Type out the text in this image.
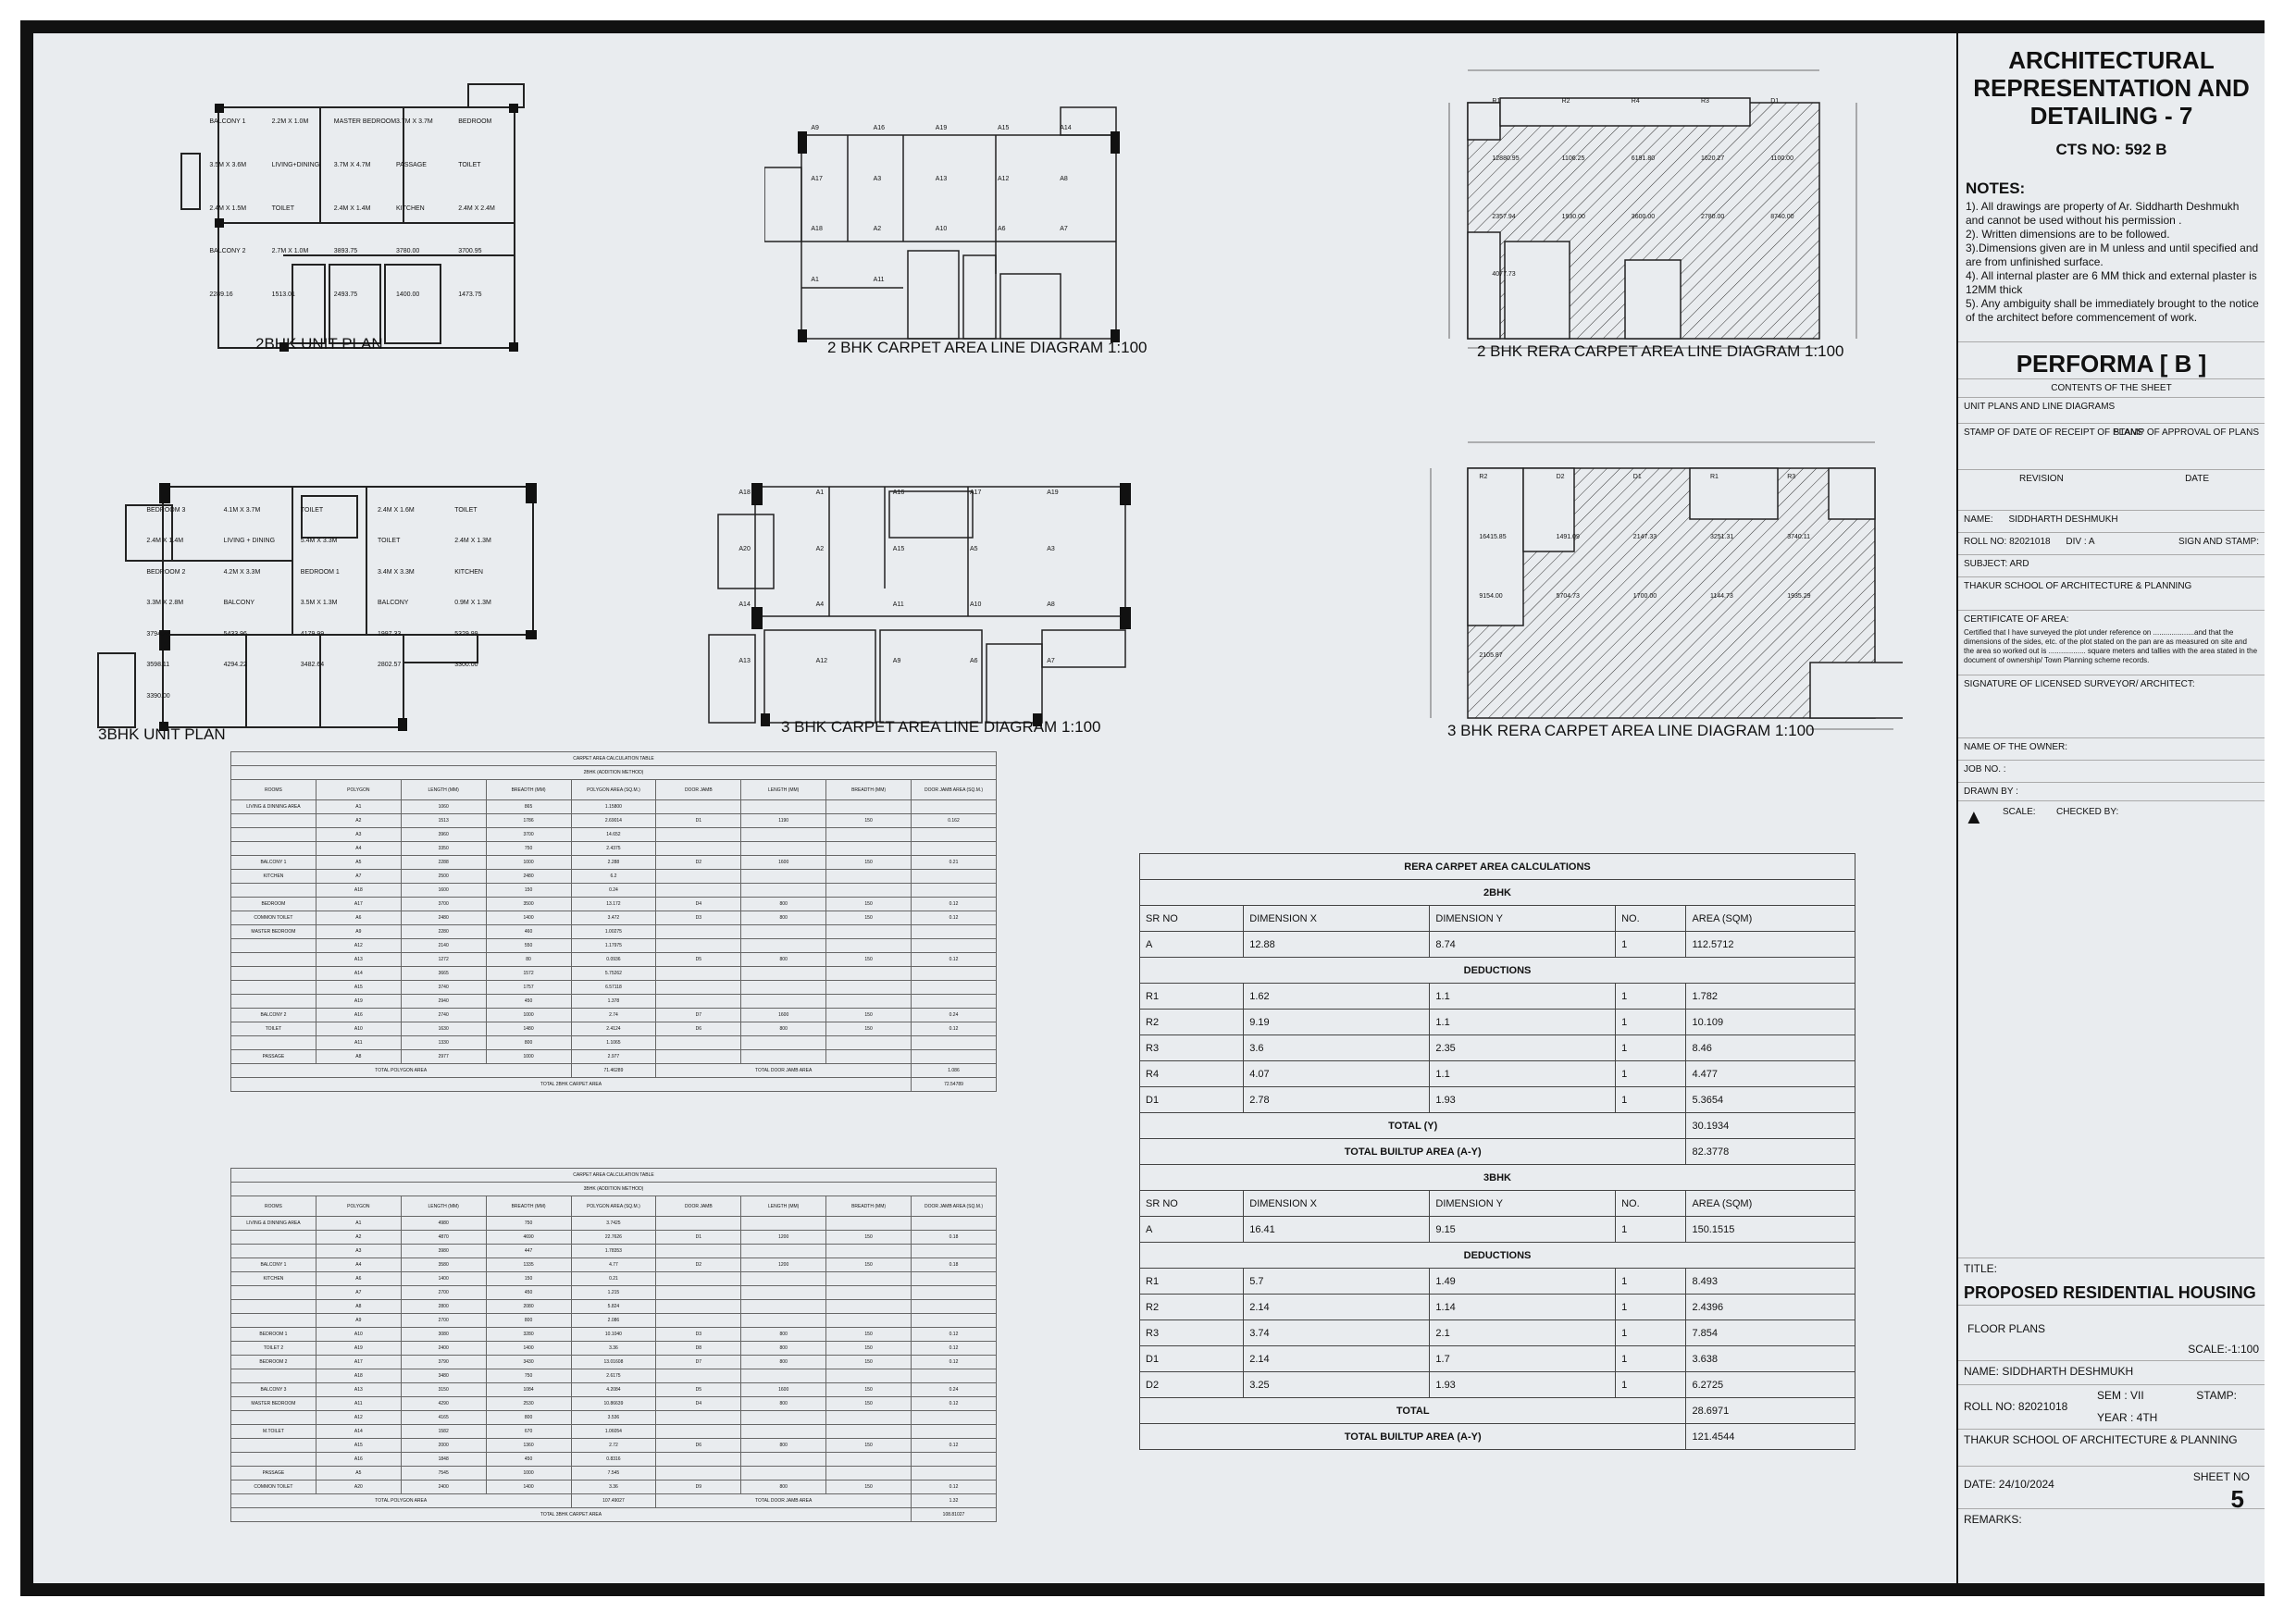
BALCONY 1	2.2M X 1.0M	MASTER BEDROOM 3.7M X 3.7M	BEDROOM
3.5M X 3.6M	LIVING+DINING 3.7M X 4.7M	PASSAGE	TOILET
2.4M X 1.5M	TOILET	2.4M X 1.4M	KITCHEN	2.4M X 2.4M
BALCONY 2	2.7M X 1.0M	3893.75	3780.00	3700.95
2289.16	1513.01	2493.75	1400.00	1473.75
2BHK UNIT PLAN
A9	A16	A19	A15	A14
A17	A3	A13	A12	A8
A18	A2	A10	A6	A7
A1	A11
2 BHK CARPET AREA LINE DIAGRAM 1:100
R1	R2	R4	R3	D1
12880.95	1106.25	6191.80	1620.27	1100.00
2357.94	1930.00	3600.00	2780.00	8740.00
4077.73
2 BHK RERA CARPET AREA LINE DIAGRAM 1:100
BEDROOM 3	4.1M X 3.7M	TOILET	2.4M X 1.6M	TOILET
2.4M X 1.4M	LIVING + DINING	5.4M X 3.3M	TOILET	2.4M X 1.3M
BEDROOM 2	4.2M X 3.3M	BEDROOM 1	3.4M X 3.3M	KITCHEN
3.3M X 2.8M	BALCONY	3.5M X 1.3M	BALCONY	0.9M X 1.3M
3794.24	5433.96	4179.99	1997.33	5329.99
3598.11	4294.22	3482.64	2802.57	3300.00
3390.00
3BHK UNIT PLAN
A18	A1	A16	A17	A19
A20	A2	A15	A5	A3
A14	A4	A11	A10	A8
A13	A12	A9	A6	A7
3 BHK CARPET AREA LINE DIAGRAM 1:100
R2	D2	D1	R1	R3
16415.85	1491.09	2147.33	3251.31	3740.11
9154.00	5704.73	1700.00	1144.73	1935.29
2105.87
3 BHK RERA CARPET AREA LINE DIAGRAM 1:100
CARPET AREA CALCULATION TABLE								
2BHK (ADDITION METHOD)								
ROOMS	POLYGON	LENGTH (MM)	BREADTH (MM)	POLYGON AREA (SQ.M.)	DOOR JAMB	LENGTH (MM)	BREADTH (MM)	DOOR JAMB AREA (SQ.M.)
LIVING & DINNING AREA	A1	1060	865	1.15800				
	A2	1513	1786	2.69014	D1	1190	150	0.162
	A3	3960	3700	14.652				
	A4	3350	750	2.4375				
BALCONY 1	A5	2288	1000	2.288	D2	1600	150	0.21
KITCHEN	A7	2500	2480	6.2				
	A18	1600	150	0.24				
BEDROOM	A17	3700	3500	13.172	D4	800	150	0.12
COMMON TOILET	A6	2480	1400	3.472	D3	800	150	0.12
MASTER BEDROOM	A9	2280	460	1.00275				
	A12	2140	550	1.17975				
	A13	1272	80	0.0936	D5	800	150	0.12
	A14	3665	1572	5.75262				
	A15	3740	1757	6.57118				
	A19	2940	450	1.378				
BALCONY 2	A16	2740	1000	2.74	D7	1600	150	0.24
TOILET	A10	1630	1480	2.4124	D6	800	150	0.12
	A11	1330	800	1.1065				
PASSAGE	A8	2977	1000	2.977				
TOTAL POLYGON AREA				71.46289	TOTAL DOOR JAMB AREA			1.086
TOTAL 2BHK CARPET AREA								72.54789
CARPET AREA CALCULATION TABLE								
3BHK (ADDITION METHOD)								
ROOMS	POLYGON	LENGTH (MM)	BREADTH (MM)	POLYGON AREA (SQ.M.)	DOOR JAMB	LENGTH (MM)	BREADTH (MM)	DOOR JAMB AREA (SQ.M.)
LIVING & DINNING AREA	A1	4980	750	3.7425				
	A2	4870	4690	22.7626	D1	1200	150	0.18
	A3	3980	447	1.78353				
BALCONY 1	A4	3580	1335	4.77	D2	1200	150	0.18
KITCHEN	A6	1400	150	0.21				
	A7	2700	450	1.215				
	A8	2800	2080	5.824				
	A9	2700	800	2.086				
BEDROOM 1	A10	3080	3280	10.1040	D3	800	150	0.12
TOILET 2	A19	2400	1400	3.36	D8	800	150	0.12
BEDROOM 2	A17	3790	3430	13.01608	D7	800	150	0.12
	A18	3480	750	2.6175				
BALCONY 3	A13	3150	1084	4.2084	D5	1600	150	0.24
MASTER BEDROOM	A11	4290	2530	10.86639	D4	800	150	0.12
	A12	4165	800	3.536				
M.TOILET	A14	1582	670	1.06054				
	A15	2000	1360	2.72	D6	800	150	0.12
	A16	1848	450	0.8316				
PASSAGE	A5	7545	1000	7.545				
COMMON TOILET	A20	2400	1400	3.36	D9	800	150	0.12
TOTAL POLYGON AREA				107.49027	TOTAL DOOR JAMB AREA			1.32
TOTAL 3BHK CARPET AREA								108.81027
RERA CARPET AREA CALCULATIONS				
2BHK				
SR NO	DIMENSION X	DIMENSION Y	NO.	AREA (SQM)
A	12.88	8.74	1	112.5712
DEDUCTIONS				
R1	1.62	1.1	1	1.782
R2	9.19	1.1	1	10.109
R3	3.6	2.35	1	8.46
R4	4.07	1.1	1	4.477
D1	2.78	1.93	1	5.3654
TOTAL (Y)				30.1934
TOTAL BUILTUP AREA (A-Y)				82.3778
3BHK				
SR NO	DIMENSION X	DIMENSION Y	NO.	AREA (SQM)
A	16.41	9.15	1	150.1515
DEDUCTIONS				
R1	5.7	1.49	1	8.493
R2	2.14	1.14	1	2.4396
R3	3.74	2.1	1	7.854
D1	2.14	1.7	1	3.638
D2	3.25	1.93	1	6.2725
TOTAL				28.6971
TOTAL BUILTUP AREA (A-Y)				121.4544
ARCHITECTURAL REPRESENTATION AND DETAILING - 7
CTS NO: 592 B
NOTES:
1). All drawings are property of Ar. Siddharth Deshmukh and cannot be used without his permission .
2). Written dimensions are to be followed.
3).Dimensions given are in M unless and until specified and are from unfinished surface.
4). All internal plaster are 6 MM thick and external plaster is 12MM thick
5). Any ambiguity shall be immediately brought to the notice of the architect before commencement of work.
PERFORMA [ B ]
CONTENTS OF THE SHEET
UNIT PLANS AND LINE DIAGRAMS
STAMP OF DATE OF RECEIPT OF PLANS
STAMP OF APPROVAL OF PLANS
REVISION	DATE
NAME: SIDDHARTH DESHMUKH
ROLL NO: 82021018 DIV : A	SIGN AND STAMP:
SUBJECT: ARD
THAKUR SCHOOL OF ARCHITECTURE & PLANNING
CERTIFICATE OF AREA:
Certified that I have surveyed the plot under reference on ....................and that the dimensions of the sides, etc. of the plot stated on the pan are as measured on site and the area so worked out is .................. square meters and tallies with the area stated in the document of ownership/ Town Planning scheme records.
SIGNATURE OF LICENSED SURVEYOR/ ARCHITECT:
NAME OF THE OWNER:
JOB NO. :
DRAWN BY :
▲ SCALE: CHECKED BY:
TITLE:
PROPOSED RESIDENTIAL HOUSING
FLOOR PLANS
SCALE:-1:100
NAME: SIDDHARTH DESHMUKH
ROLL NO: 82021018
SEM : VII
YEAR : 4TH
STAMP:
THAKUR SCHOOL OF ARCHITECTURE & PLANNING
DATE: 24/10/2024
SHEET NO
5
REMARKS:
